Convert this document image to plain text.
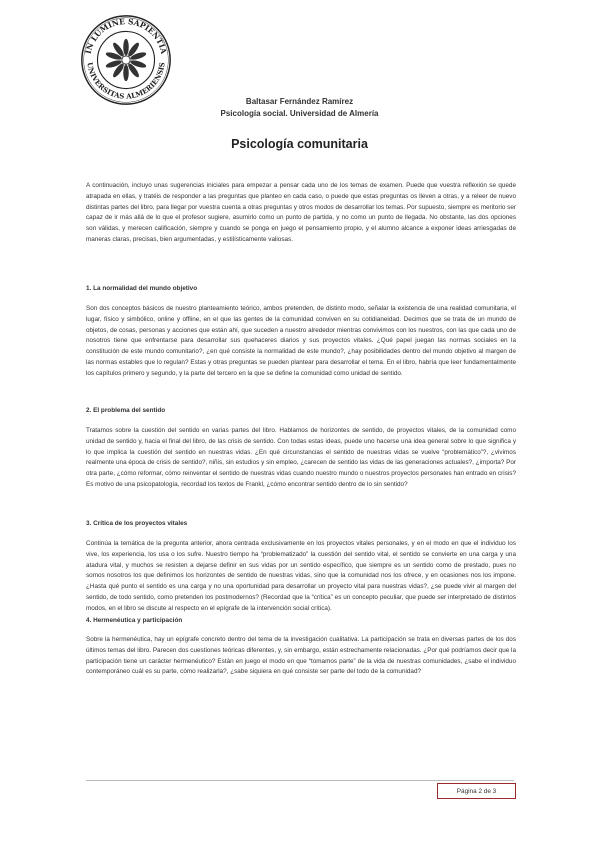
IN LUMINE SAPIENTIA
UNIVERSITAS ALMERIENSIS
Baltasar Fernández Ramírez
Psicología social. Universidad de Almería
Psicología comunitaria

A continuación, incluyo unas sugerencias iniciales para empezar a pensar cada uno de los temas de examen. Puede que vuestra reflexión se quede atrapada en ellas, y tratéis de responder a las preguntas que planteo en cada caso, o puede que estas preguntas os lleven a otras, y a releer de nuevo distintas partes del libro, para llegar por vuestra cuenta a otras preguntas y otros modos de desarrollar los temas. Por supuesto, siempre es meritorio ser capaz de ir más allá de lo que el profesor sugiere, asumirlo como un punto de partida, y no como un punto de llegada. No obstante, las dos opciones son válidas, y merecen calificación, siempre y cuando se ponga en juego el pensamiento propio, y el alumno alcance a exponer ideas arriesgadas de maneras claras, precisas, bien argumentadas, y estilísticamente valiosas.

1. La normalidad del mundo objetivo

Son dos conceptos básicos de nuestro planteamiento teórico, ambos pretenden, de distinto modo, señalar la existencia de una realidad comunitaria, el lugar, físico y simbólico, online y offline, en el que las gentes de la comunidad conviven en su cotidianeidad. Decimos que se trata de un mundo de objetos, de cosas, personas y acciones que están ahí, que suceden a nuestro alrededor mientras convivimos con los nuestros, con las que cada uno de nosotros tiene que enfrentarse para desarrollar sus quehaceres diarios y sus proyectos vitales. ¿Qué papel juegan las normas sociales en la constitución de este mundo comunitario?, ¿en qué consiste la normalidad de este mundo?, ¿hay posibilidades dentro del mundo objetivo al margen de las normas estables que lo regulan? Estas y otras preguntas se pueden plantear para desarrollar el tema. En el libro, habría que leer fundamentalmente los capítulos primero y segundo, y la parte del tercero en la que se define la comunidad como unidad de sentido.

2. El problema del sentido

Tratamos sobre la cuestión del sentido en varias partes del libro. Hablamos de horizontes de sentido, de proyectos vitales, de la comunidad como unidad de sentido y, hacia el final del libro, de las crisis de sentido. Con todas estas ideas, puede uno hacerse una idea general sobre lo que significa y lo que implica la cuestión del sentido en nuestras vidas. ¿En qué circunstancias el sentido de nuestras vidas se vuelve “problemático”?, ¿vivimos realmente una época de crisis de sentido?, niñis, sin estudios y sin empleo, ¿carecen de sentido las vidas de las generaciones actuales?, ¿importa? Por otra parte, ¿cómo reformar, cómo reinventar el sentido de nuestras vidas cuando nuestro mundo o nuestros proyectos personales han entrado en crisis? Es motivo de una psicopatología, recordad los textos de Frankl, ¿cómo encontrar sentido dentro de lo sin sentido?

3. Crítica de los proyectos vitales

Continúa la temática de la pregunta anterior, ahora centrada exclusivamente en los proyectos vitales personales, y en el modo en que el individuo los vive, los experiencia, los usa o los sufre. Nuestro tiempo ha “problematizado” la cuestión del sentido vital, el sentido se convierte en una carga y una atadura vital, y muchos se resisten a dejarse definir en sus vidas por un sentido específico, que siempre es un sentido como de prestado, pues no somos nosotros los que definimos los horizontes de sentido de nuestras vidas, sino que la comunidad nos los ofrece, y en ocasiones nos los impone. ¿Hasta qué punto el sentido es una carga y no una oportunidad para desarrollar un proyecto vital para nuestras vidas?, ¿se puede vivir al margen del sentido, de todo sentido, como pretenden los postmodernos? (Recordad que la “crítica” es un concepto peculiar, que puede ser interpretado de distintos modos, en el libro se discute al respecto en el epígrafe de la intervención social crítica).

4. Hermenéutica y participación

Sobre la hermenéutica, hay un epígrafe concreto dentro del tema de la investigación cualitativa. La participación se trata en diversas partes de los dos últimos temas del libro. Parecen dos cuestiones teóricas diferentes, y, sin embargo, están estrechamente relacionadas. ¿Por qué podríamos decir que la participación tiene un carácter hermenéutico? Están en juego el modo en que “tomamos parte” de la vida de nuestras comunidades, ¿sabe el individuo contemporáneo cuál es su parte, cómo realizarla?, ¿sabe siquiera en qué consiste ser parte del todo de la comunidad?

Página 2 de 3
